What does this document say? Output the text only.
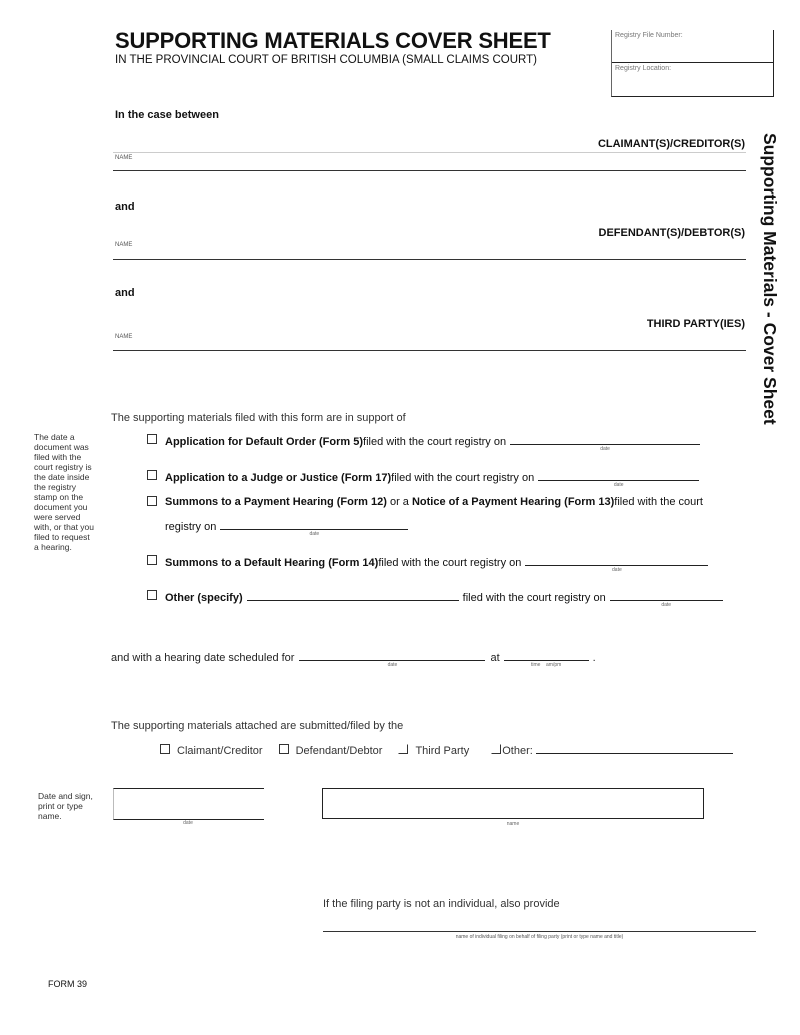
SUPPORTING MATERIALS COVER SHEET
IN THE PROVINCIAL COURT OF BRITISH COLUMBIA (SMALL CLAIMS COURT)
Registry File Number:
Registry Location:
Supporting Materials - Cover Sheet
In the case between
CLAIMANT(S)/CREDITOR(S)
NAME
and
DEFENDANT(S)/DEBTOR(S)
NAME
and
THIRD PARTY(IES)
NAME
The supporting materials filed with this form are in support of
The date a document was filed with the court registry is the date inside the registry stamp on the document you were served with, or that you filed to request a hearing.
Application for Default Order (Form 5) filed with the court registry on
date
Application to a Judge or Justice (Form 17) filed with the court registry on
date
Summons to a Payment Hearing (Form 12) or a Notice of a Payment Hearing (Form 13) filed with the court
registry on
date
Summons to a Default Hearing (Form 14) filed with the court registry on
date
Other (specify)	filed with the court registry on
date
and with a hearing date scheduled for
date
at
time    am/pm
.
The supporting materials attached are submitted/filed by the
Claimant/Creditor	Defendant/Debtor	Third Party	Other:
Date and sign, print or type name.
date	name
If the filing party is not an individual, also provide
name of individual filing on behalf of filing party (print or type name and title)
FORM 39
